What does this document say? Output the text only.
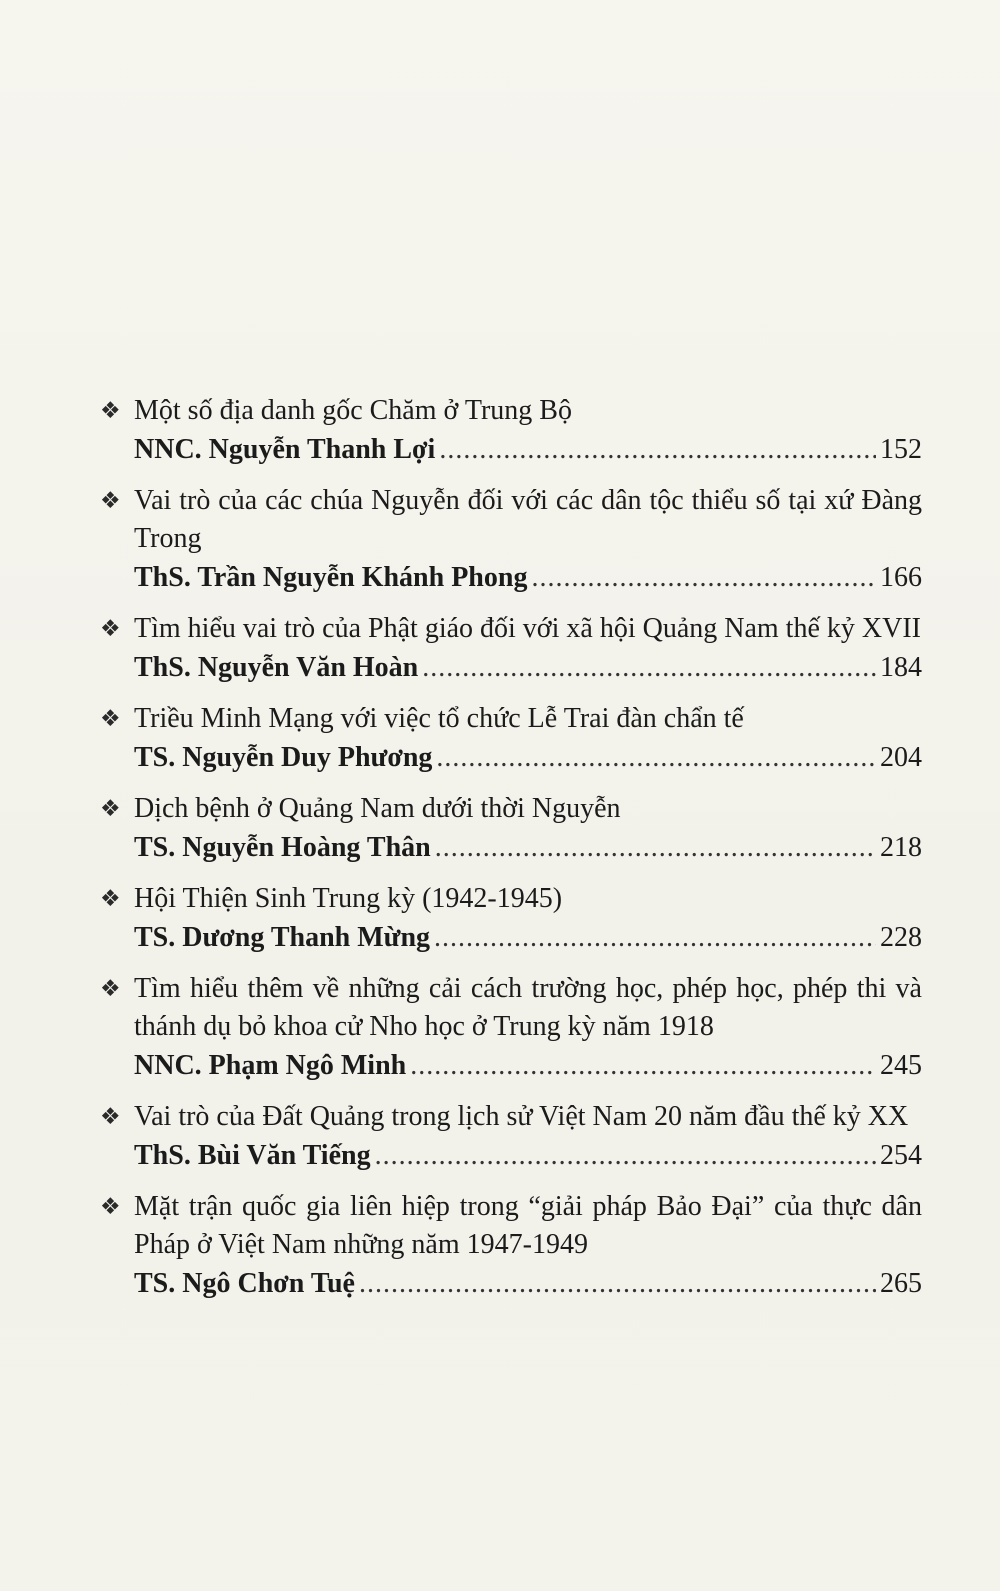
❖ Một số địa danh gốc Chăm ở Trung Bộ
NNC. Nguyễn Thanh Lợi .....	152
❖ Vai trò của các chúa Nguyễn đối với các dân tộc thiểu số tại xứ Đàng Trong
ThS. Trần Nguyễn Khánh Phong .....	166
❖ Tìm hiểu vai trò của Phật giáo đối với xã hội Quảng Nam thế kỷ XVII
ThS. Nguyễn Văn Hoàn .....	184
❖ Triều Minh Mạng với việc tổ chức Lễ Trai đàn chẩn tế
TS. Nguyễn Duy Phương .....	204
❖ Dịch bệnh ở Quảng Nam dưới thời Nguyễn
TS. Nguyễn Hoàng Thân .....	218
❖ Hội Thiện Sinh Trung kỳ (1942-1945)
TS. Dương Thanh Mừng .....	228
❖ Tìm hiểu thêm về những cải cách trường học, phép học, phép thi và thánh dụ bỏ khoa cử Nho học ở Trung kỳ năm 1918
NNC. Phạm Ngô Minh .....	245
❖ Vai trò của Đất Quảng trong lịch sử Việt Nam 20 năm đầu thế kỷ XX
ThS. Bùi Văn Tiếng .....	254
❖ Mặt trận quốc gia liên hiệp trong “giải pháp Bảo Đại” của thực dân Pháp ở Việt Nam những năm 1947-1949
TS. Ngô Chơn Tuệ .....	265
